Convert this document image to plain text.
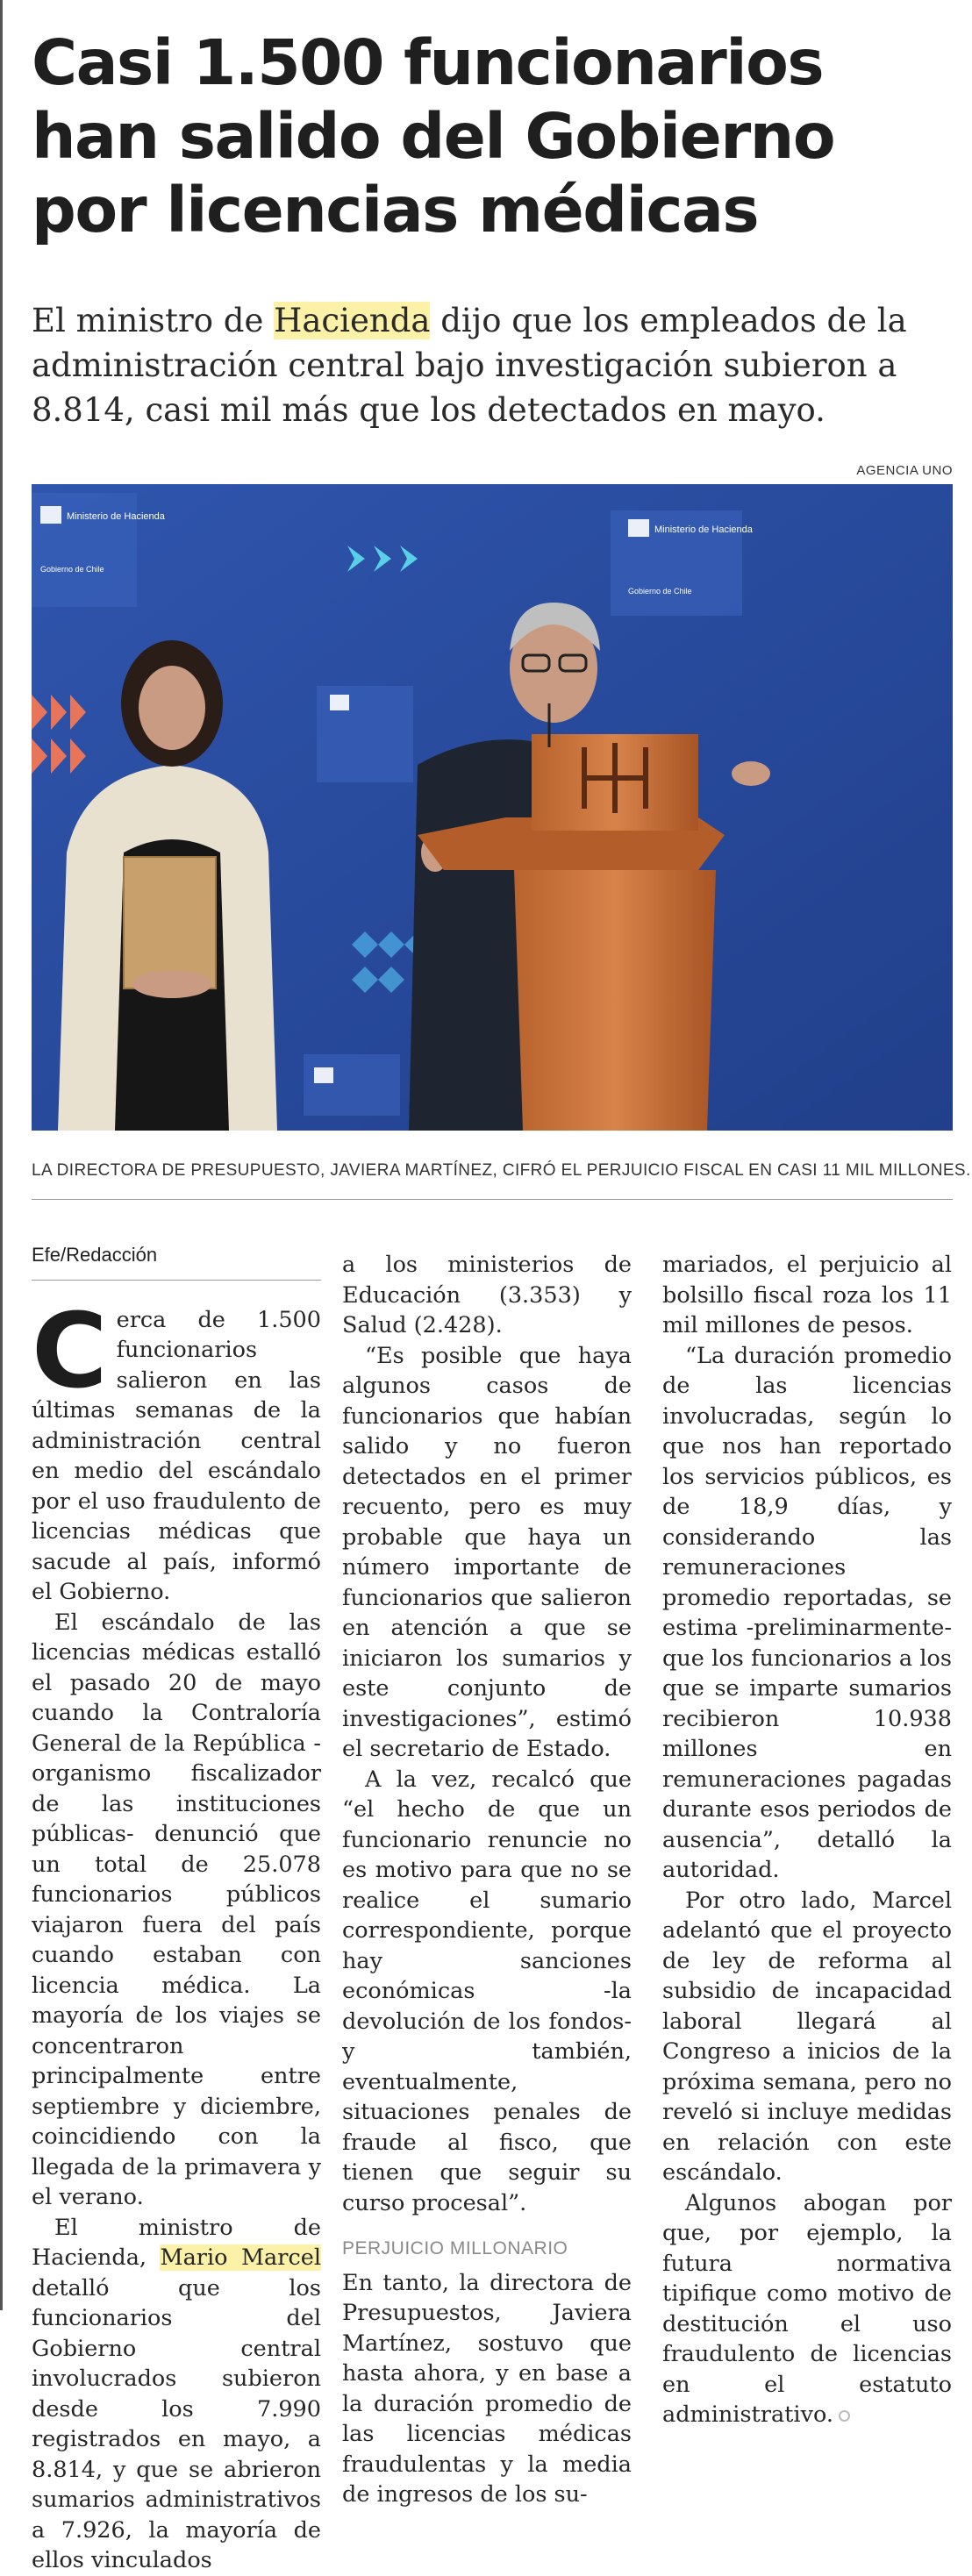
Casi 1.500 funcionarios
han salido del Gobierno
por licencias médicas
El ministro de Hacienda dijo que los empleados de la administración central bajo investigación subieron a 8.814, casi mil más que los detectados en mayo.
AGENCIA UNO
Ministerio de Hacienda
Ministerio de Hacienda
Gobierno de Chile
Gobierno de Chile
LA DIRECTORA DE PRESUPUESTO, JAVIERA MARTÍNEZ, CIFRÓ EL PERJUICIO FISCAL EN CASI 11 MIL MILLONES.
Efe/Redacción

Cerca de 1.500 funcionarios salieron en las últimas semanas de la administración central en medio del escándalo por el uso fraudulento de licencias médicas que sacude al país, informó el Gobierno.

El escándalo de las licencias médicas estalló el pasado 20 de mayo cuando la Contraloría General de la República -organismo fiscalizador de las instituciones públicas- denunció que un total de 25.078 funcionarios públicos viajaron fuera del país cuando estaban con licencia médica. La mayoría de los viajes se concentraron principalmente entre septiembre y diciembre, coincidiendo con la llegada de la primavera y el verano.

El ministro de Hacienda, Mario Marcel detalló que los funcionarios del Gobierno central involucrados subieron desde los 7.990 registrados en mayo, a 8.814, y que se abrieron sumarios administrativos a 7.926, la mayoría de ellos vinculados

a los ministerios de Educación (3.353) y Salud (2.428).

“Es posible que haya algunos casos de funcionarios que habían salido y no fueron detectados en el primer recuento, pero es muy probable que haya un número importante de funcionarios que salieron en atención a que se iniciaron los sumarios y este conjunto de investigaciones”, estimó el secretario de Estado.

A la vez, recalcó que “el hecho de que un funcionario renuncie no es motivo para que no se realice el sumario correspondiente, porque hay sanciones económicas -la devolución de los fondos- y también, eventualmente, situaciones penales de fraude al fisco, que tienen que seguir su curso procesal”.

PERJUICIO MILLONARIO

En tanto, la directora de Presupuestos, Javiera Martínez, sostuvo que hasta ahora, y en base a la duración promedio de las licencias médicas fraudulentas y la media de ingresos de los su-

mariados, el perjuicio al bolsillo fiscal roza los 11 mil millones de pesos.

“La duración promedio de las licencias involucradas, según lo que nos han reportado los servicios públicos, es de 18,9 días, y considerando las remuneraciones promedio reportadas, se estima -preliminarmente- que los funcionarios a los que se imparte sumarios recibieron 10.938 millones en remuneraciones pagadas durante esos periodos de ausencia”, detalló la autoridad.

Por otro lado, Marcel adelantó que el proyecto de ley de reforma al subsidio de incapacidad laboral llegará al Congreso a inicios de la próxima semana, pero no reveló si incluye medidas en relación con este escándalo.

Algunos abogan por que, por ejemplo, la futura normativa tipifique como motivo de destitución el uso fraudulento de licencias en el estatuto administrativo.
